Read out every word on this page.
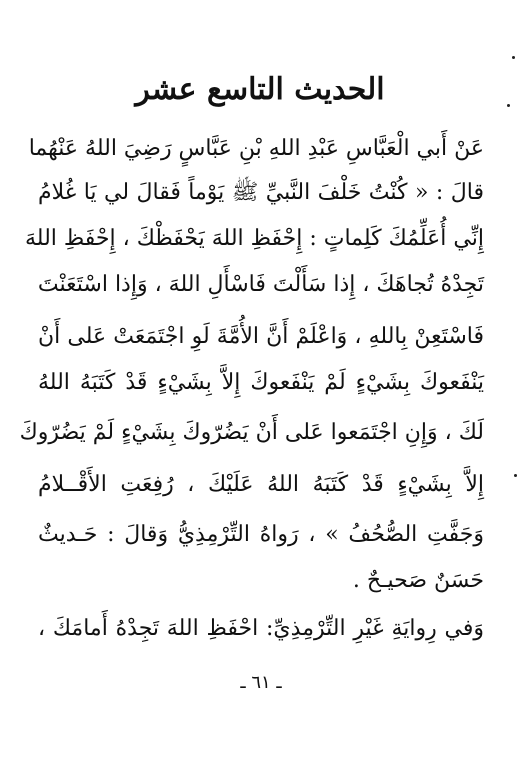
الحديث التاسع عشر
عَنْ أَبي الْعَبَّاسِ عَبْدِ اللهِ بْنِ عَبَّاسٍ رَضِيَ اللهُ عَنْهُما
قالَ : « كُنْتُ خَلْفَ النَّبيِّ ﷺ يَوْماً فَقالَ لي يَا غُلامُ
إِنِّي أُعَلِّمُكَ كَلِماتٍ : إِحْفَظِ اللهَ يَحْفَظْكَ ، إِحْفَظِ اللهَ
تَجِدْهُ تُجاهَكَ ، إِذا سَأَلْتَ فَاسْأَلِ اللهَ ، وَإِذا اسْتَعَنْتَ
فَاسْتَعِنْ بِاللهِ ، وَاعْلَمْ أَنَّ الأُمَّةَ لَوِ اجْتَمَعَتْ عَلى أَنْ
يَنْفَعوكَ بِشَيْءٍ لَمْ يَنْفَعوكَ إِلاَّ بِشَيْءٍ قَدْ كَتَبَهُ اللهُ
لَكَ ، وَإِنِ اجْتَمَعوا عَلى أَنْ يَضُرّوكَ بِشَيْءٍ لَمْ يَضُرّوكَ
إِلاَّ بِشَيْءٍ قَدْ كَتَبَهُ اللهُ عَلَيْكَ ، رُفِعَتِ الأَقْــلامُ
وَجَفَّتِ الصُّحُفُ » ، رَواهُ التِّرْمِذِيُّ وَقالَ : حَـديثٌ
حَسَنٌ صَحيـحٌ .
وَفي رِوايَةِ غَيْرِ التِّرْمِذِيِّ: احْفَظِ اللهَ تَجِدْهُ أَمامَكَ ،
ـ ٦١ ـ
